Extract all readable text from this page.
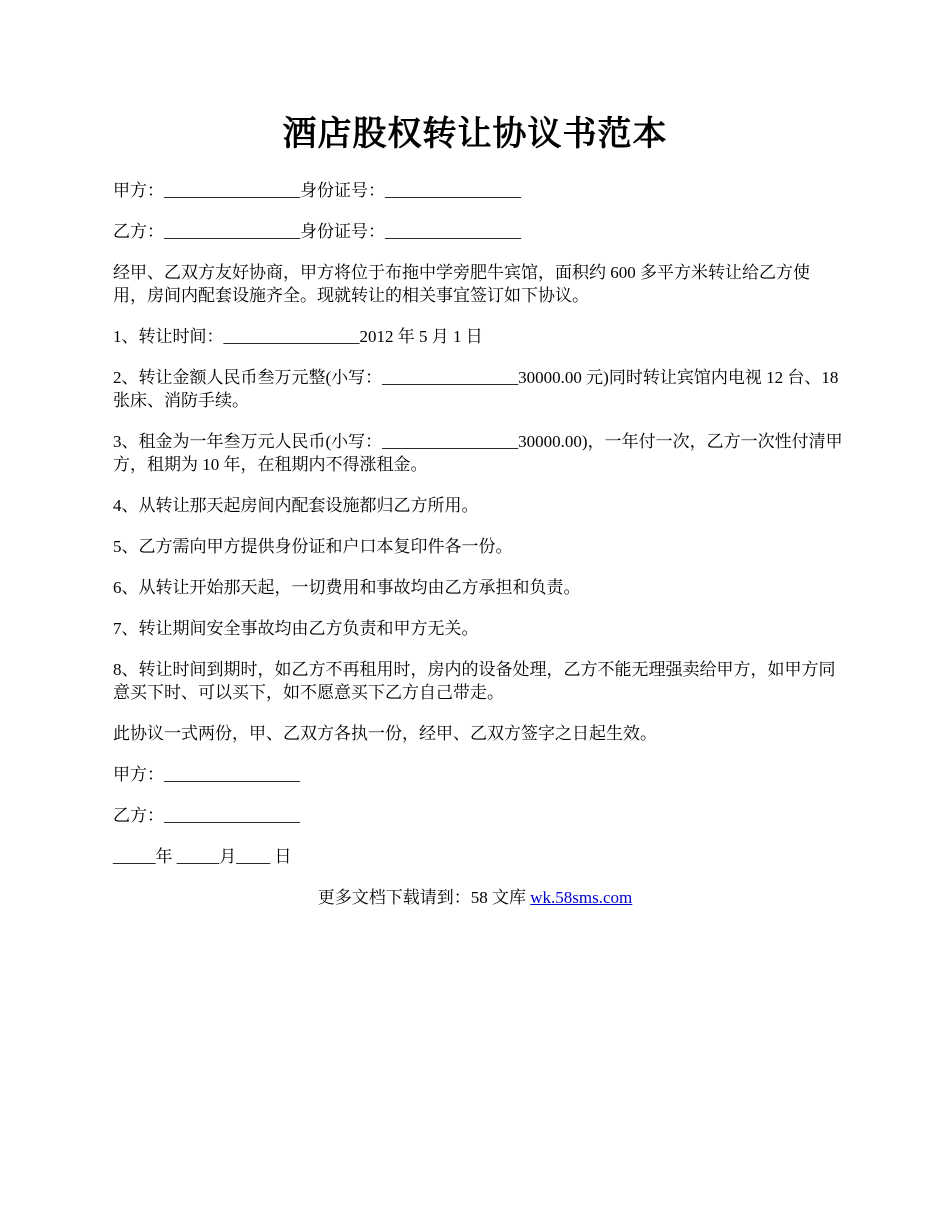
酒店股权转让协议书范本

甲方：________________身份证号：________________

乙方：________________身份证号：________________

经甲、乙双方友好协商，甲方将位于布拖中学旁肥牛宾馆，面积约 600 多平方米转让给乙方使用，房间内配套设施齐全。现就转让的相关事宜签订如下协议。

1、转让时间：________________2012 年 5 月 1 日

2、转让金额人民币叁万元整(小写：________________30000.00 元)同时转让宾馆内电视 12 台、18 张床、消防手续。

3、租金为一年叁万元人民币(小写：________________30000.00)，一年付一次，乙方一次性付清甲方，租期为 10 年，在租期内不得涨租金。

4、从转让那天起房间内配套设施都归乙方所用。

5、乙方需向甲方提供身份证和户口本复印件各一份。

6、从转让开始那天起，一切费用和事故均由乙方承担和负责。

7、转让期间安全事故均由乙方负责和甲方无关。

8、转让时间到期时，如乙方不再租用时，房内的设备处理，乙方不能无理强卖给甲方，如甲方同意买下时、可以买下，如不愿意买下乙方自己带走。

此协议一式两份，甲、乙双方各执一份，经甲、乙双方签字之日起生效。

甲方：________________

乙方：________________

_____年 _____月____ 日

更多文档下载请到：58 文库 wk.58sms.com
